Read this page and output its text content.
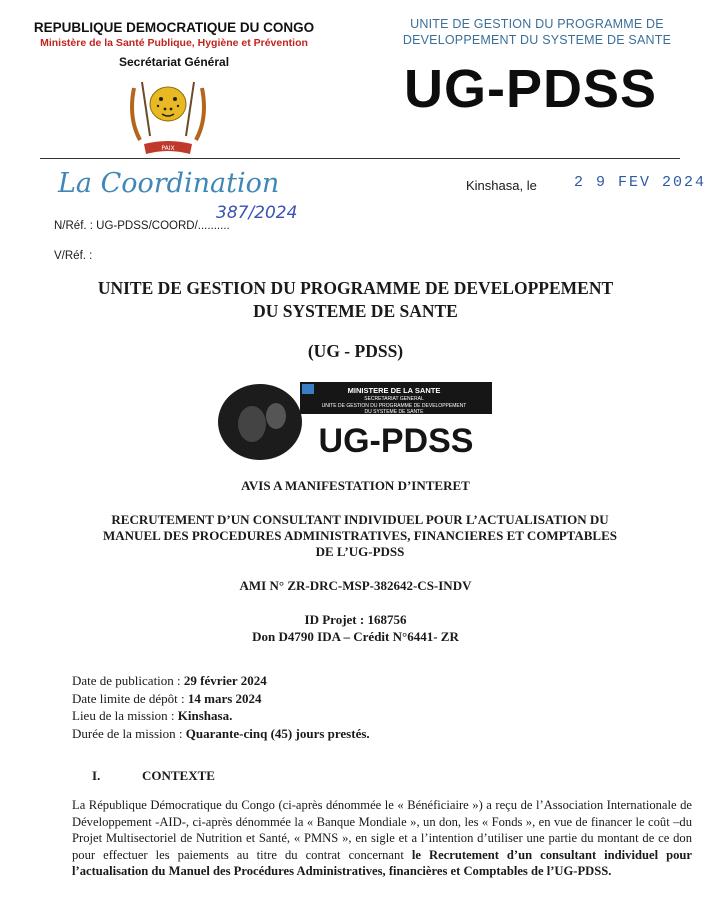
REPUBLIQUE DEMOCRATIQUE DU CONGO
Ministère de la Santé Publique, Hygiène et Prévention
Secrétariat Général
PAIX
UNITE DE GESTION DU PROGRAMME DE
DEVELOPPEMENT DU SYSTEME DE SANTE
UG-PDSS
La Coordination	Kinshasa, le 2 9 FEV 2024
N/Réf. : UG-PDSS/COORD/..........
387/2024
V/Réf. :
UNITE DE GESTION DU PROGRAMME DE DEVELOPPEMENT
DU SYSTEME DE SANTE
(UG - PDSS)
MINISTERE DE LA SANTE
SECRETARIAT GENERAL
UNITE DE GESTION DU PROGRAMME DE DEVELOPPEMENT
DU SYSTEME DE SANTE
UG-PDSS
AVIS A MANIFESTATION D’INTERET
RECRUTEMENT D’UN CONSULTANT INDIVIDUEL POUR L’ACTUALISATION DU
MANUEL DES PROCEDURES ADMINISTRATIVES, FINANCIERES ET COMPTABLES
DE L’UG-PDSS
AMI N° ZR-DRC-MSP-382642-CS-INDV
ID Projet : 168756
Don D4790 IDA – Crédit N°6441- ZR
Date de publication : 29 février 2024
Date limite de dépôt : 14 mars 2024
Lieu de la mission : Kinshasa.
Durée de la mission : Quarante-cinq (45) jours prestés.
I.	CONTEXTE
La République Démocratique du Congo (ci-après dénommée le « Bénéficiaire ») a reçu de l’Association Internationale de Développement -AID-, ci-après dénommée la « Banque Mondiale », un don, les « Fonds », en vue de financer le coût –du Projet Multisectoriel de Nutrition et Santé, « PMNS », en sigle et a l’intention d’utiliser une partie du montant de ce don pour effectuer les paiements au titre du contrat concernant le Recrutement d’un consultant individuel pour l’actualisation du Manuel des Procédures Administratives, financières et Comptables de l’UG-PDSS.
